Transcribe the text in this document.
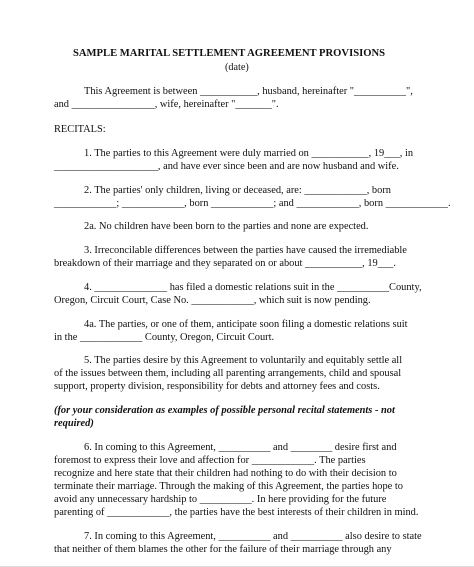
SAMPLE MARITAL SETTLEMENT AGREEMENT PROVISIONS
(date)
This Agreement is between ___________, husband, hereinafter "__________",
and ________________, wife, hereinafter "_______".
RECITALS:
1. The parties to this Agreement were duly married on ___________, 19___, in
____________________, and have ever since been and are now husband and wife.
2. The parties' only children, living or deceased, are: ____________, born
____________; ____________, born ____________; and ____________, born ____________.
2a. No children have been born to the parties and none are expected.
3. Irreconcilable differences between the parties have caused the irremediable
breakdown of their marriage and they separated on or about ___________, 19___.
4. ______________ has filed a domestic relations suit in the __________County,
Oregon, Circuit Court, Case No. ____________, which suit is now pending.
4a. The parties, or one of them, anticipate soon filing a domestic relations suit
in the ____________ County, Oregon, Circuit Court.
5. The parties desire by this Agreement to voluntarily and equitably settle all
of the issues between them, including all parenting arrangements, child and spousal
support, property division, responsibility for debts and attorney fees and costs.
(for your consideration as examples of possible personal recital statements - not
required)
6. In coming to this Agreement, __________ and ________ desire first and
foremost to express their love and affection for ____________. The parties
recognize and here state that their children had nothing to do with their decision to
terminate their marriage. Through the making of this Agreement, the parties hope to
avoid any unnecessary hardship to __________. In here providing for the future
parenting of ____________, the parties have the best interests of their children in mind.
7. In coming to this Agreement, __________ and __________ also desire to state
that neither of them blames the other for the failure of their marriage through any
